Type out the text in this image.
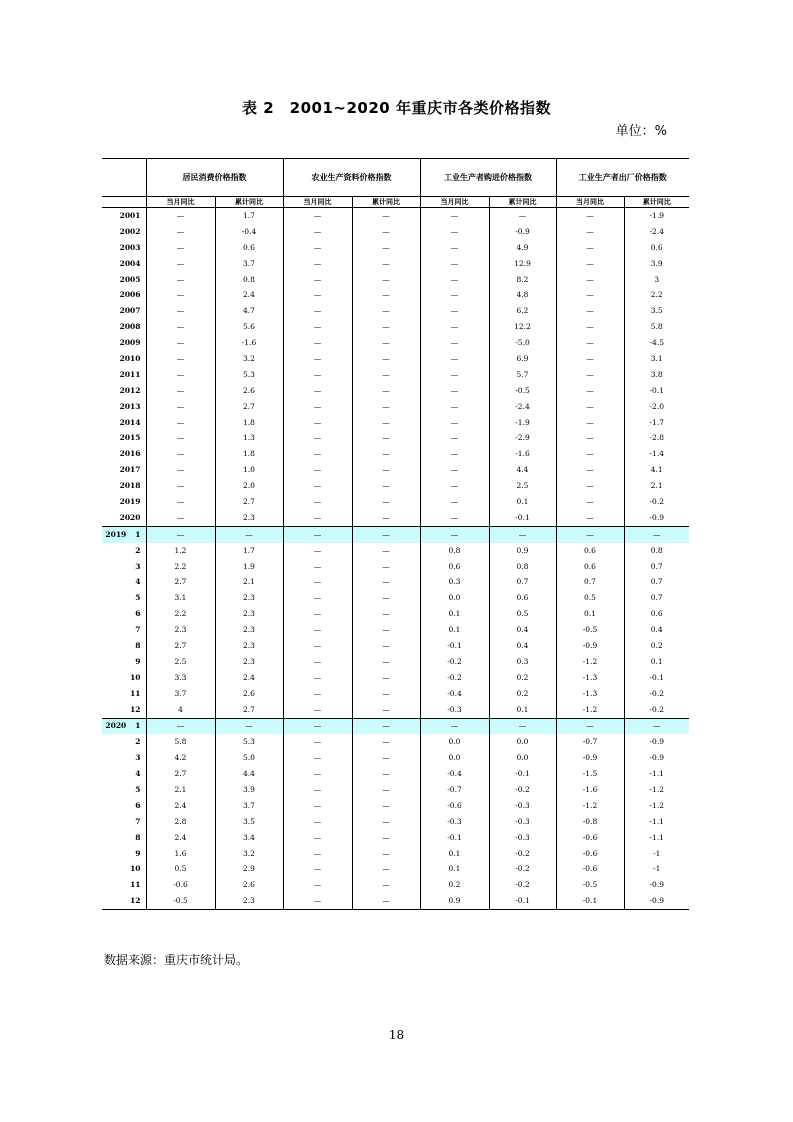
表 2　2001~2020 年重庆市各类价格指数
单位：%
	居民消费价格指数		农业生产资料价格指数		工业生产者购进价格指数		工业生产者出厂价格指数	
	当月同比	累计同比	当月同比	累计同比	当月同比	累计同比	当月同比	累计同比
2001	—	1.7	—	—	—	—	—	-1.9
2002	—	-0.4	—	—	—	-0.9	—	-2.4
2003	—	0.6	—	—	—	4.9	—	0.6
2004	—	3.7	—	—	—	12.9	—	3.9
2005	—	0.8	—	—	—	8.2	—	3
2006	—	2.4	—	—	—	4.8	—	2.2
2007	—	4.7	—	—	—	6.2	—	3.5
2008	—	5.6	—	—	—	12.2	—	5.8
2009	—	-1.6	—	—	—	-5.0	—	-4.5
2010	—	3.2	—	—	—	6.9	—	3.1
2011	—	5.3	—	—	—	5.7	—	3.8
2012	—	2.6	—	—	—	-0.5	—	-0.1
2013	—	2.7	—	—	—	-2.4	—	-2.0
2014	—	1.8	—	—	—	-1.9	—	-1.7
2015	—	1.3	—	—	—	-2.9	—	-2.8
2016	—	1.8	—	—	—	-1.6	—	-1.4
2017	—	1.0	—	—	—	4.4	—	4.1
2018	—	2.0	—	—	—	2.5	—	2.1
2019	—	2.7	—	—	—	0.1	—	-0.2
2020	—	2.3	—	—	—	-0.1	—	-0.9
2019 1	—	—	—	—	—	—	—	—
2	1.2	1.7	—	—	0.8	0.9	0.6	0.8
3	2.2	1.9	—	—	0.6	0.8	0.6	0.7
4	2.7	2.1	—	—	0.3	0.7	0.7	0.7
5	3.1	2.3	—	—	0.0	0.6	0.5	0.7
6	2.2	2.3	—	—	0.1	0.5	0.1	0.6
7	2.3	2.3	—	—	0.1	0.4	-0.5	0.4
8	2.7	2.3	—	—	-0.1	0.4	-0.9	0.2
9	2.5	2.3	—	—	-0.2	0.3	-1.2	0.1
10	3.3	2.4	—	—	-0.2	0.2	-1.3	-0.1
11	3.7	2.6	—	—	-0.4	0.2	-1.3	-0.2
12	4	2.7	—	—	-0.3	0.1	-1.2	-0.2
2020 1	—	—	—	—	—	—	—	—
2	5.8	5.3	—	—	0.0	0.0	-0.7	-0.9
3	4.2	5.0	—	—	0.0	0.0	-0.9	-0.9
4	2.7	4.4	—	—	-0.4	-0.1	-1.5	-1.1
5	2.1	3.9	—	—	-0.7	-0.2	-1.6	-1.2
6	2.4	3.7	—	—	-0.6	-0.3	-1.2	-1.2
7	2.8	3.5	—	—	-0.3	-0.3	-0.8	-1.1
8	2.4	3.4	—	—	-0.1	-0.3	-0.6	-1.1
9	1.6	3.2	—	—	0.1	-0.2	-0.6	-1
10	0.5	2.9	—	—	0.1	-0.2	-0.6	-1
11	-0.6	2.6	—	—	0.2	-0.2	-0.5	-0.9
12	-0.5	2.3	—	—	0.9	-0.1	-0.1	-0.9
数据来源：重庆市统计局。
18
